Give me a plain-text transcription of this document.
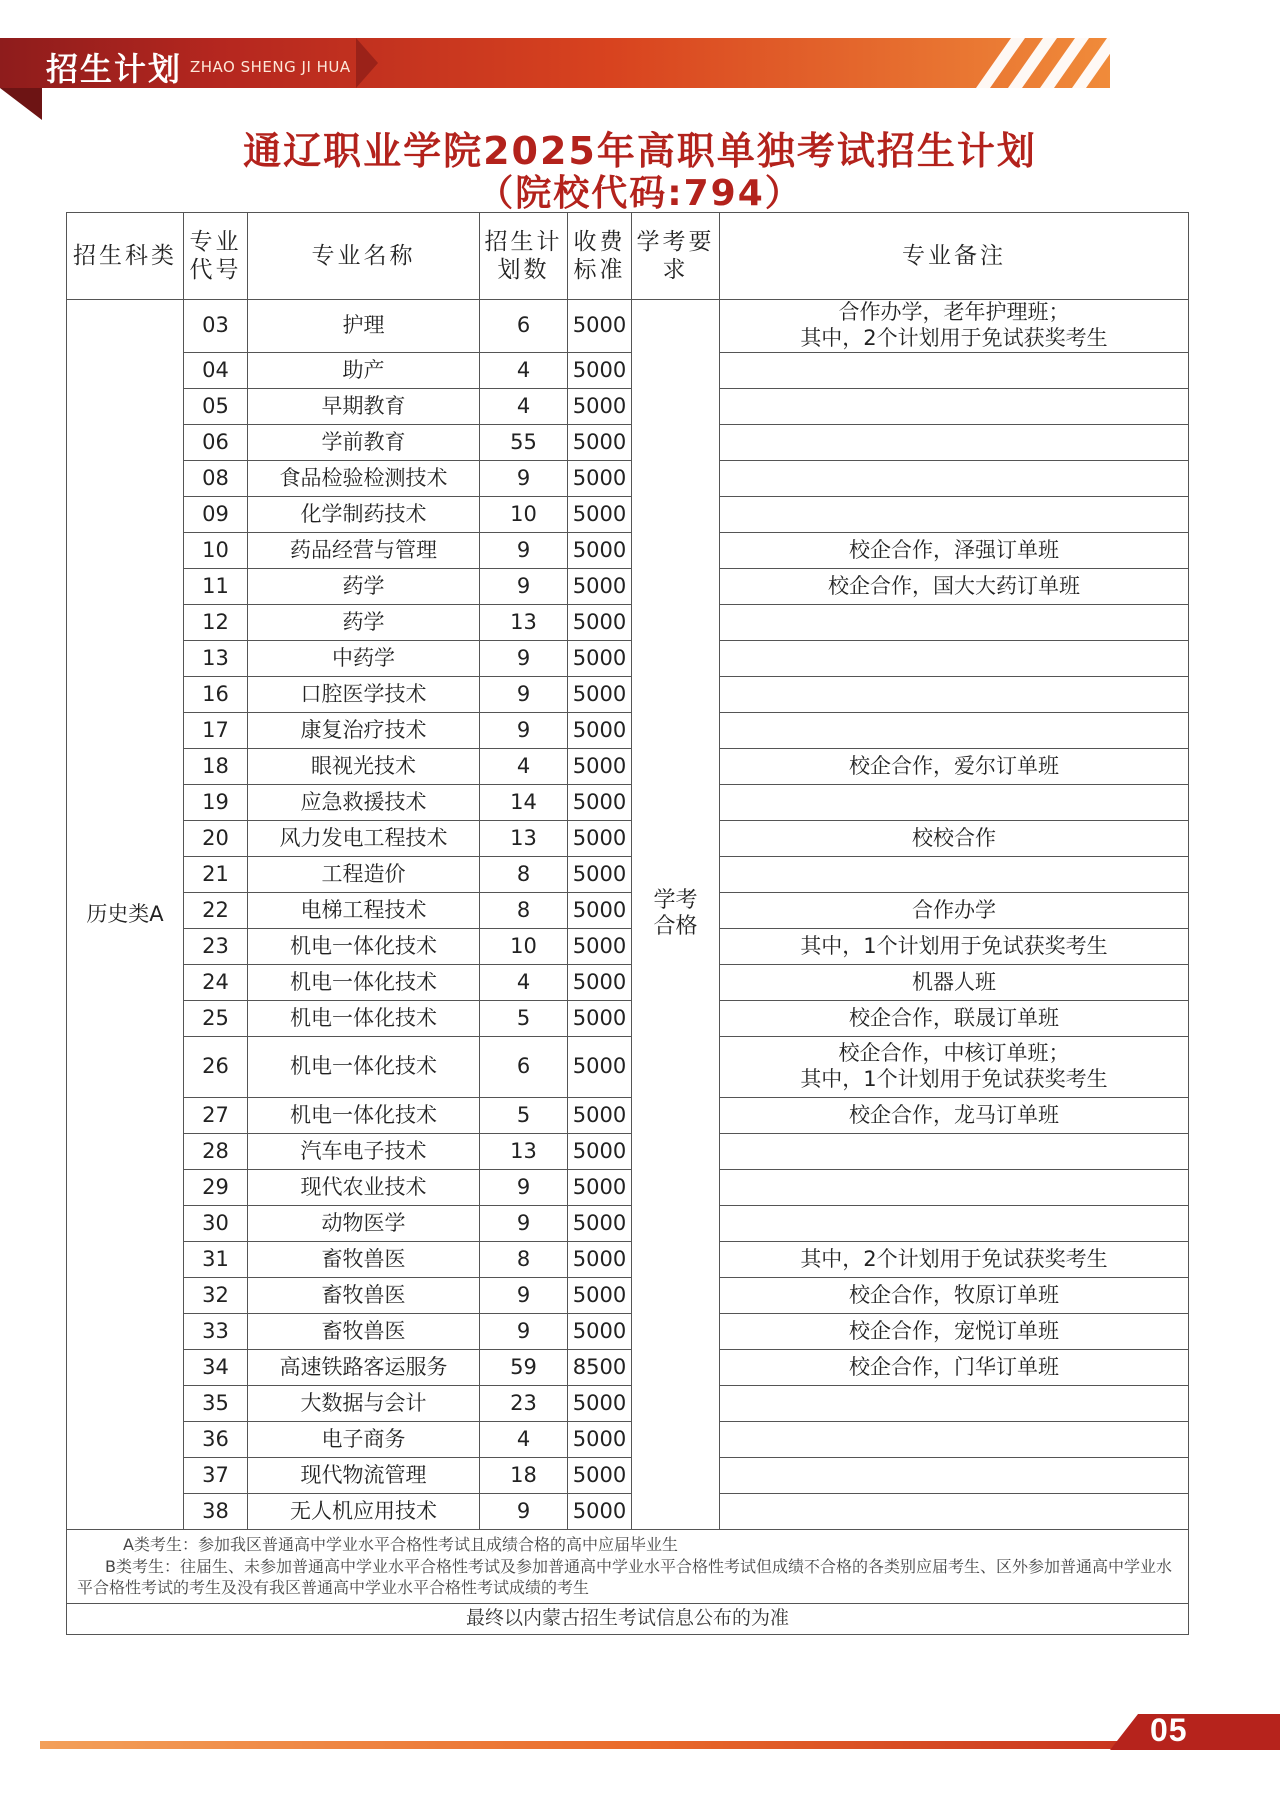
招生计划 ZHAO SHENG JI HUA
通辽职业学院2025年高职单独考试招生计划
（院校代码:794）
招生科类	专业代号	专业名称	招生计划数	收费标准	学考要求	专业备注
历史类A	03	护理	6	5000	学考合格	合作办学，老年护理班；
其中，2个计划用于免试获奖考生
	04	助产	4	5000		
	05	早期教育	4	5000		
	06	学前教育	55	5000		
	08	食品检验检测技术	9	5000		
	09	化学制药技术	10	5000		
	10	药品经营与管理	9	5000		校企合作，泽强订单班
	11	药学	9	5000		校企合作，国大大药订单班
	12	药学	13	5000		
	13	中药学	9	5000		
	16	口腔医学技术	9	5000		
	17	康复治疗技术	9	5000		
	18	眼视光技术	4	5000		校企合作，爱尔订单班
	19	应急救援技术	14	5000		
	20	风力发电工程技术	13	5000		校校合作
	21	工程造价	8	5000		
	22	电梯工程技术	8	5000		合作办学
	23	机电一体化技术	10	5000		其中，1个计划用于免试获奖考生
	24	机电一体化技术	4	5000		机器人班
	25	机电一体化技术	5	5000		校企合作，联晟订单班
	26	机电一体化技术	6	5000		校企合作，中核订单班；
其中，1个计划用于免试获奖考生
	27	机电一体化技术	5	5000		校企合作，龙马订单班
	28	汽车电子技术	13	5000		
	29	现代农业技术	9	5000		
	30	动物医学	9	5000		
	31	畜牧兽医	8	5000		其中，2个计划用于免试获奖考生
	32	畜牧兽医	9	5000		校企合作，牧原订单班
	33	畜牧兽医	9	5000		校企合作，宠悦订单班
	34	高速铁路客运服务	59	8500		校企合作，门华订单班
	35	大数据与会计	23	5000		
	36	电子商务	4	5000		
	37	现代物流管理	18	5000		
	38	无人机应用技术	9	5000		

A类考生：参加我区普通高中学业水平合格性考试且成绩合格的高中应届毕业生

B类考生：往届生、未参加普通高中学业水平合格性考试及参加普通高中学业水平合格性考试但成绩不合格的各类别应届考生、区外参加普通高中学业水平合格性考试的考生及没有我区普通高中学业水平合格性考试成绩的考生						

最终以内蒙古招生考试信息公布的为准						
05
